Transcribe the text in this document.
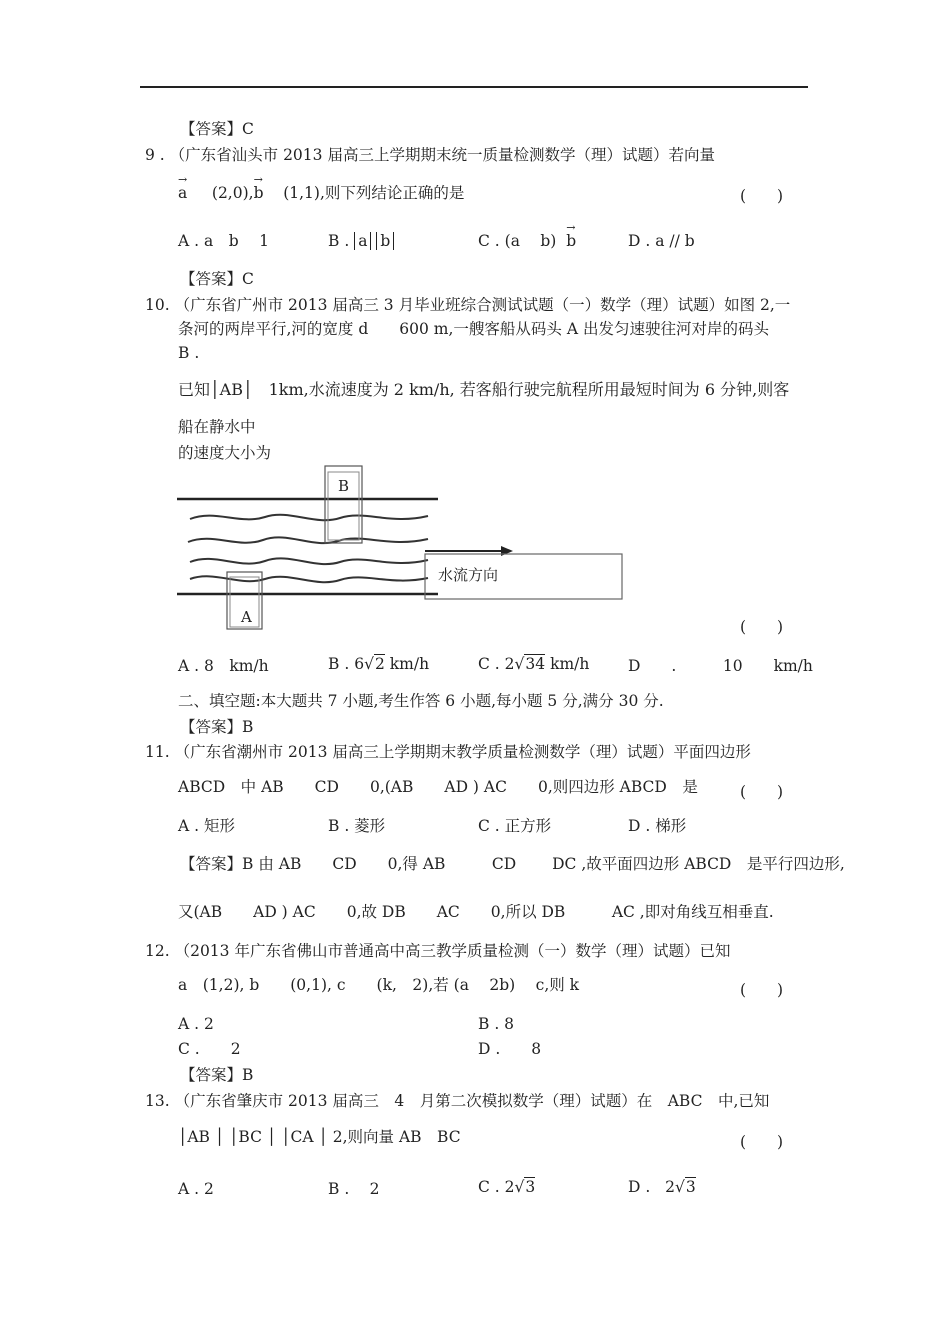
【答案】C
9 . （广东省汕头市 2013 届高三上学期期末统一质量检测数学（理）试题）若向量
→ a (2,0),→ b (1,1),则下列结论正确的是	(　　)
A . a　b　 1	B . a b	C . (a　 b)  → b	D . a // b
【答案】C
10. （广东省广州市 2013 届高三 3 月毕业班综合测试试题（一）数学（理）试题）如图 2,一
条河的两岸平行,河的宽度 d　　600 m,一艘客船从码头 A 出发匀速驶往河对岸的码头
B .
已知│AB│　1km,水流速度为 2 km/h, 若客船行驶完航程所用最短时间为 6 分钟,则客
船在静水中
的速度大小为
B
A
水流方向
(　　)
A . 8　km/h	B . 6√2 km/h	C . 2√34 km/h D　　.　　　10　　km/h
二、填空题:本大题共 7 小题,考生作答 6 小题,每小题 5 分,满分 30 分.
【答案】B
11. （广东省潮州市 2013 届高三上学期期末教学质量检测数学（理）试题）平面四边形
ABCD　中 AB　　CD　　0,(AB　　AD ) AC　　0,则四边形 ABCD　是	(　　)
A . 矩形	B . 菱形	C . 正方形	D . 梯形
【答案】B 由 AB　　CD　　0,得 AB　　　CD　　 DC ,故平面四边形 ABCD　是平行四边形,
又(AB　　AD ) AC　　0,故 DB　　AC　　0,所以 DB　　　AC ,即对角线互相垂直.
12. （2013 年广东省佛山市普通高中高三教学质量检测（一）数学（理）试题）已知
a　(1,2), b　　(0,1), c　　(k,　2),若 (a　 2b)　 c,则 k	(　　)
A . 2	B . 8
C .　　2	D .　　8
【答案】B
13. （广东省肇庆市 2013 届高三　4　月第二次模拟数学（理）试题）在　ABC　中,已知
│AB │ │BC │ │CA │ 2,则向量 AB　BC	(　　)
A . 2	B .　 2	C . 2√3	D . 2√3
